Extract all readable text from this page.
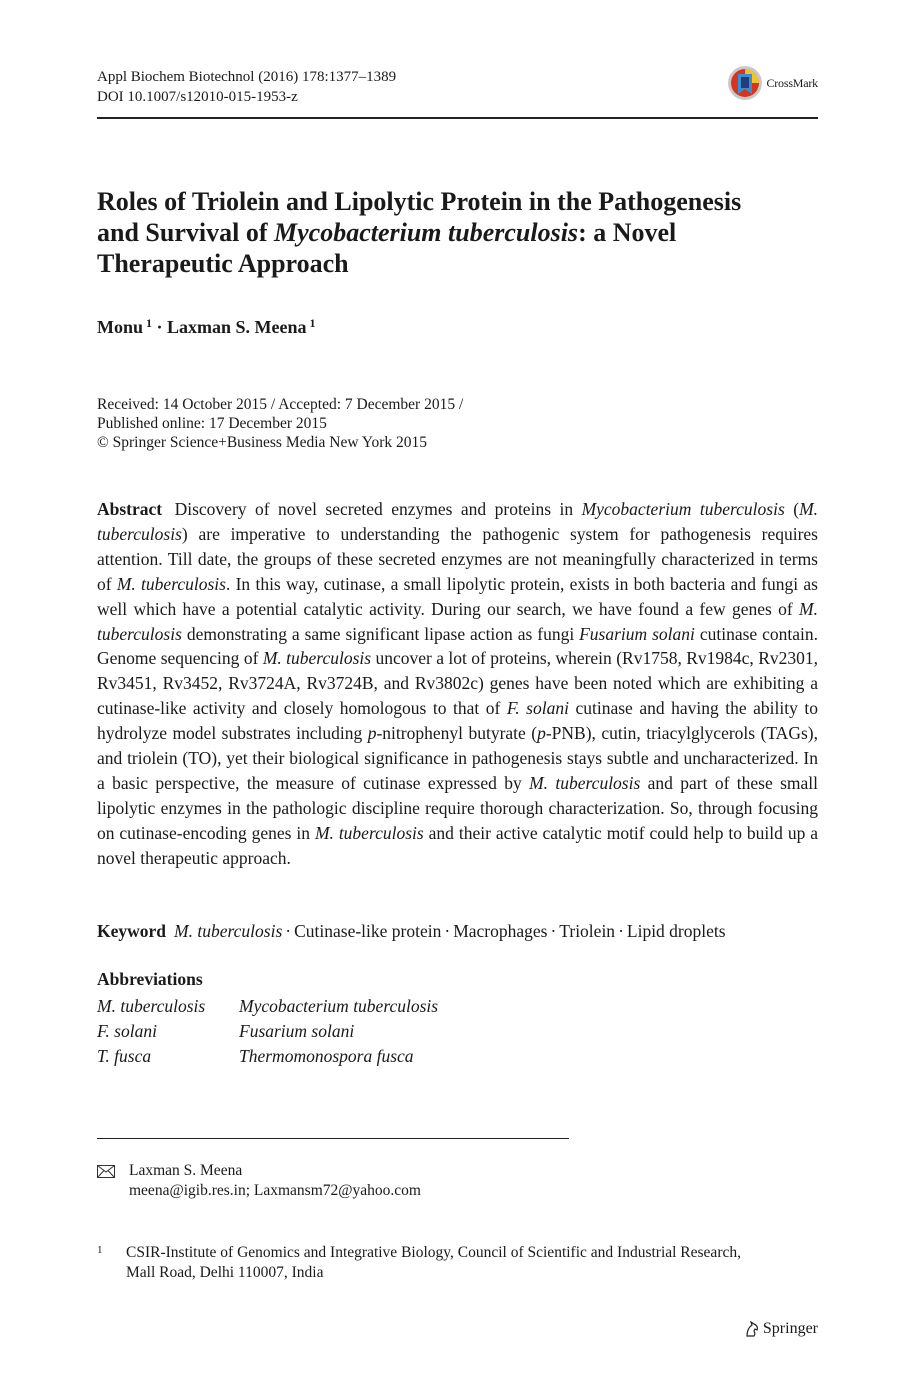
Appl Biochem Biotechnol (2016) 178:1377–1389
DOI 10.1007/s12010-015-1953-z
CrossMark
Roles of Triolein and Lipolytic Protein in the Pathogenesis
and Survival of Mycobacterium tuberculosis: a Novel
Therapeutic Approach
Monu $^1$ · Laxman S. Meena $^1$
Received: 14 October 2015 / Accepted: 7 December 2015 /
Published online: 17 December 2015
© Springer Science+Business Media New York 2015

Abstract Discovery of novel secreted enzymes and proteins in Mycobacterium tuberculosis (M. tuberculosis) are imperative to understanding the pathogenic system for pathogenesis requires attention. Till date, the groups of these secreted enzymes are not meaningfully characterized in terms of M. tuberculosis. In this way, cutinase, a small lipolytic protein, exists in both bacteria and fungi as well which have a potential catalytic activity. During our search, we have found a few genes of M. tuberculosis demonstrating a same significant lipase action as fungi Fusarium solani cutinase contain. Genome sequencing of M. tuberculosis uncover a lot of proteins, wherein (Rv1758, Rv1984c, Rv2301, Rv3451, Rv3452, Rv3724A, Rv3724B, and Rv3802c) genes have been noted which are exhibiting a cutinase-like activity and closely homologous to that of F. solani cutinase and having the ability to hydrolyze model substrates including p-nitrophenyl butyrate (p-PNB), cutin, triacylglycerols (TAGs), and triolein (TO), yet their biological significance in pathogenesis stays subtle and uncharacterized. In a basic perspective, the measure of cutinase expressed by M. tuberculosis and part of these small lipolytic enzymes in the pathologic discipline require thorough characterization. So, through focusing on cutinase-encoding genes in M. tuberculosis and their active catalytic motif could help to build up a novel therapeutic approach.

Keyword M. tuberculosis · Cutinase-like protein · Macrophages · Triolein · Lipid droplets
Abbreviations
M. tuberculosis	Mycobacterium tuberculosis
F. solani	Fusarium solani
T. fusca	Thermomonospora fusca
Laxman S. Meena
meena@igib.res.in; Laxmansm72@yahoo.com
1	CSIR-Institute of Genomics and Integrative Biology, Council of Scientific and Industrial Research,
Mall Road, Delhi 110007, India
Springer
